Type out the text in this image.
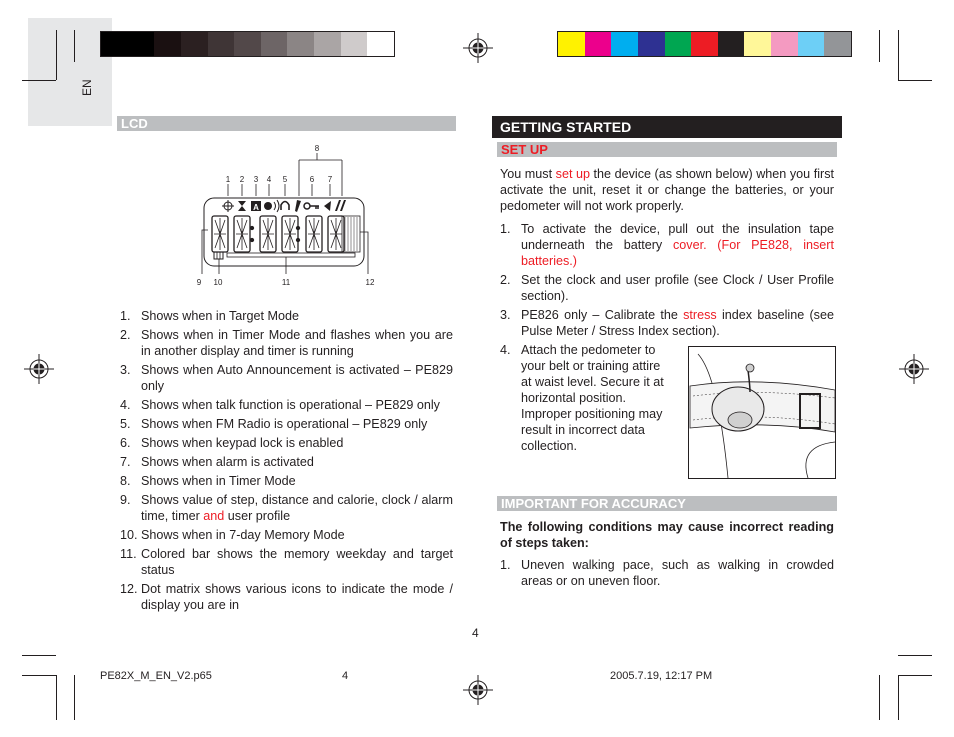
EN
LCD
8
1 2 3 4 5	6 7
A
9 10	11	12
1. Shows when in Target Mode
2. Shows when in Timer Mode and flashes when you are in another display and timer is running
3. Shows when Auto Announcement is activated – PE829 only
4. Shows when talk function is operational – PE829 only
5. Shows when FM Radio is operational – PE829 only
6. Shows when keypad lock is enabled
7. Shows when alarm is activated
8. Shows when in Timer Mode
9. Shows value of step, distance and calorie, clock / alarm time, timer and user profile
10. Shows when in 7-day Memory Mode
11. Colored bar shows the memory weekday and target status
12. Dot matrix shows various icons to indicate the mode / display you are in
GETTING STARTED
SET UP

You must set up the device (as shown below) when you first activate the unit, reset it or change the batteries, or your pedometer will not work properly.

1. To activate the device, pull out the insulation tape underneath the battery cover. (For PE828, insert batteries.)
2. Set the clock and user profile (see Clock / User Profile section).
3. PE826 only – Calibrate the stress index baseline (see Pulse Meter / Stress Index section).
4. Attach the pedometer to your belt or training attire at waist level. Secure it at horizontal position. Improper positioning may result in incorrect data collection.
IMPORTANT FOR ACCURACY

The following conditions may cause incorrect reading of steps taken:

1. Uneven walking pace, such as walking in crowded areas or on uneven floor.
4
PE82X_M_EN_V2.p65	4	2005.7.19, 12:17 PM
